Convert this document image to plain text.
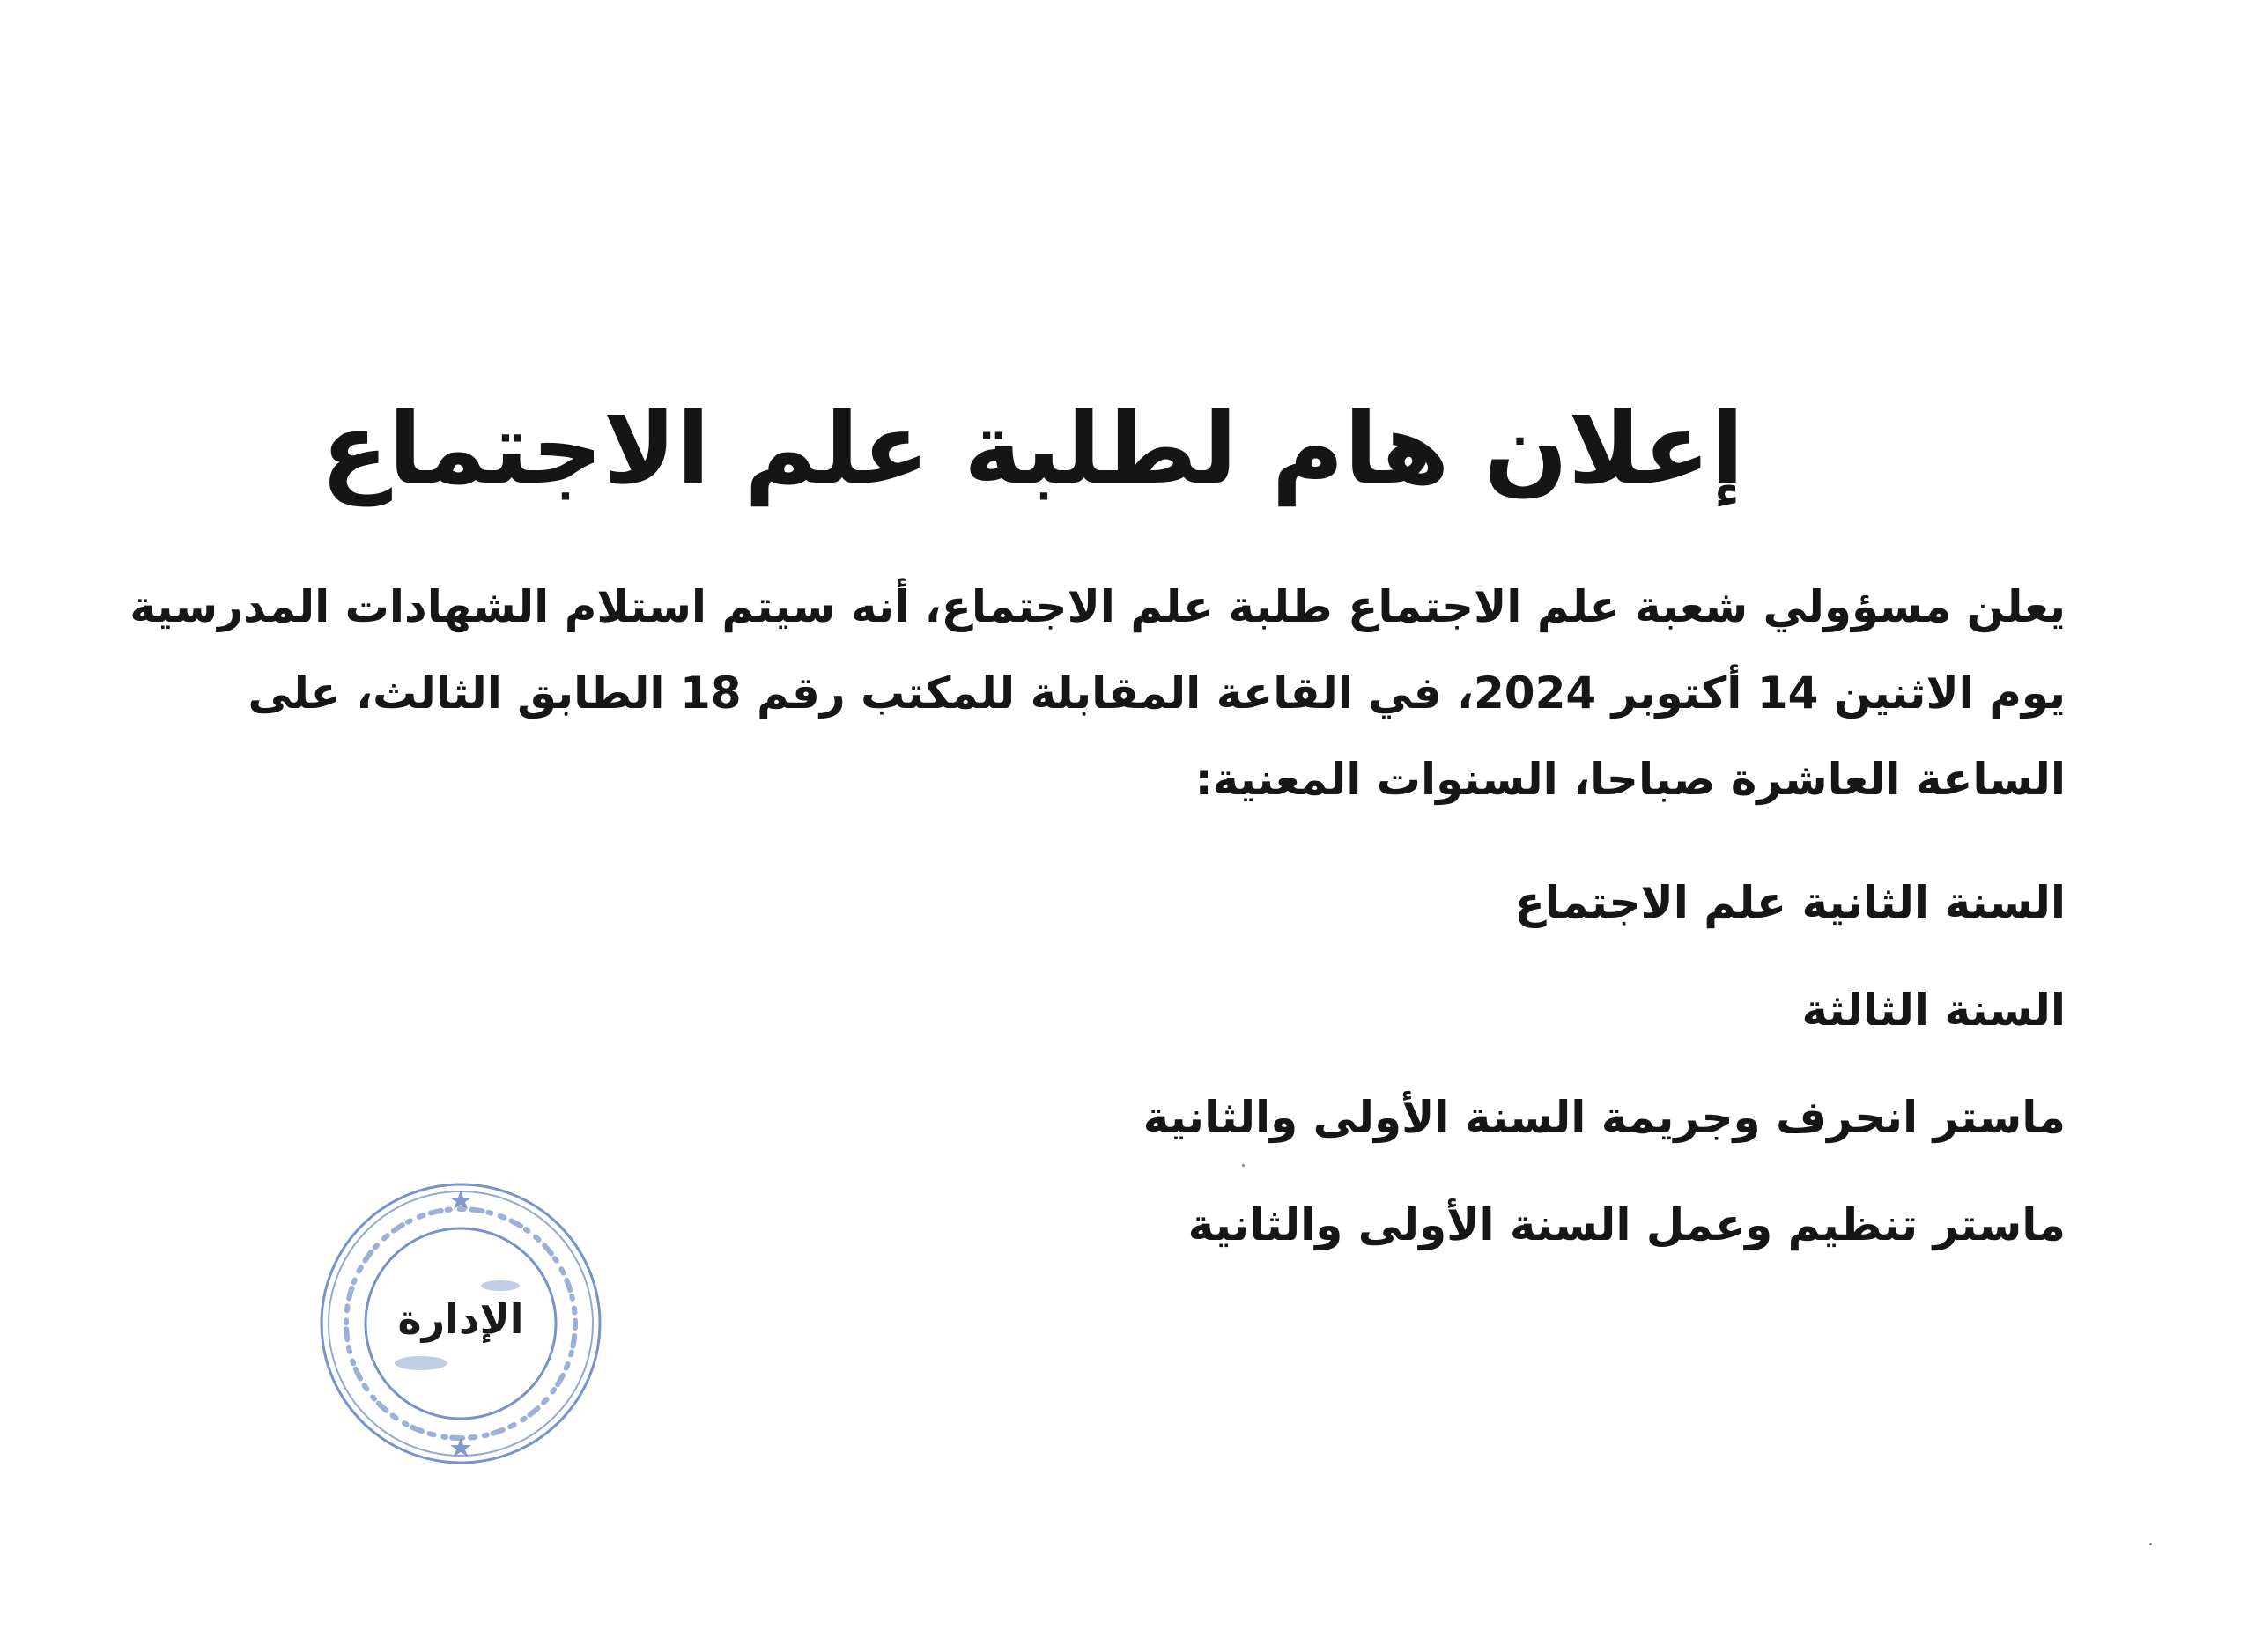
إعلان هام لطلبة علم الاجتماع

يعلن مسؤولي شعبة علم الاجتماع طلبة علم الاجتماع، أنه سيتم استلام الشهادات المدرسية
يوم الاثنين 14 أكتوبر 2024، في القاعة المقابلة للمكتب رقم 18 الطابق الثالث، على
الساعة العاشرة صباحا، السنوات المعنية:

السنة الثانية علم الاجتماع
السنة الثالثة
ماستر انحرف وجريمة السنة الأولى والثانية
ماستر تنظيم وعمل السنة الأولى والثانية
الإدارة
